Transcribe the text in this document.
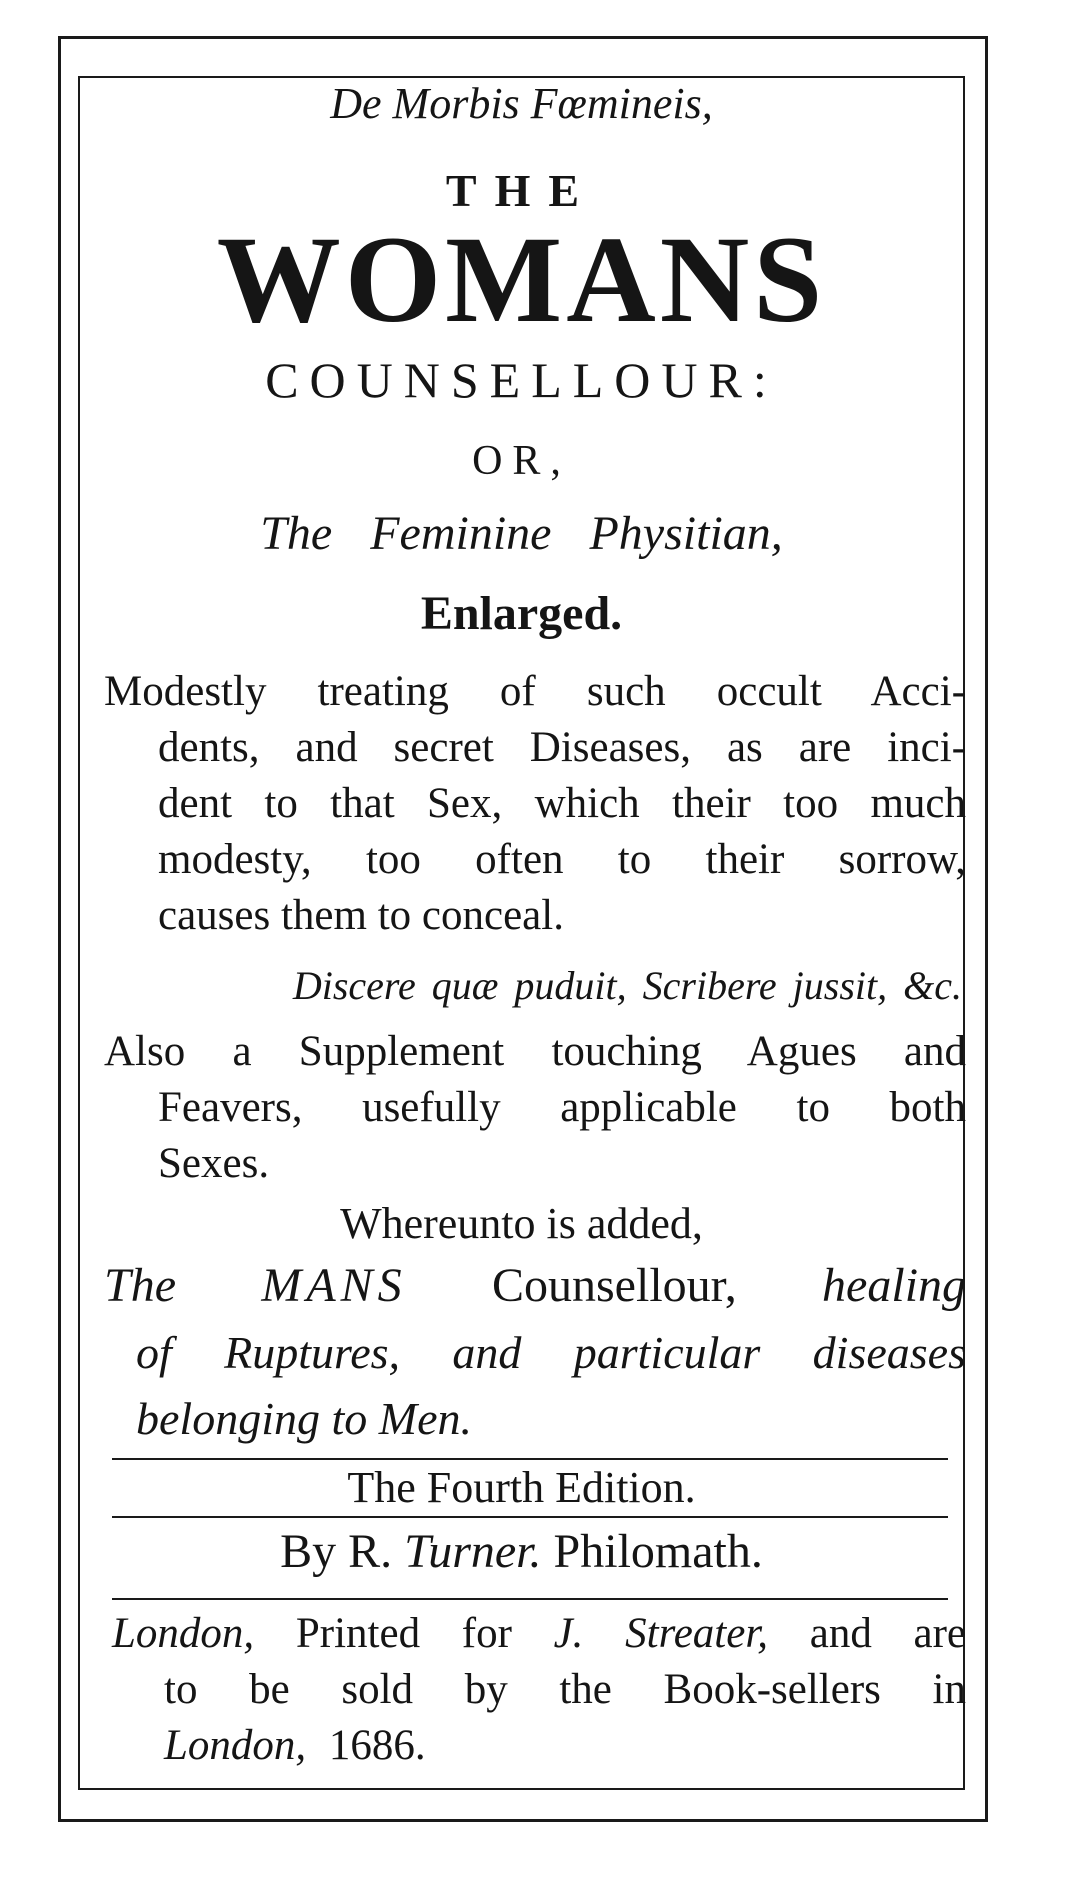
De Morbis Fœmineis,
THE
WOMANS
COUNSELLOUR:
OR,
The Feminine Physitian,
Enlarged.
Modestly treating of such occult Acci-
dents, and secret Diseases, as are inci-
dent to that Sex, which their too much
modesty, too often to their sorrow,
causes them to conceal.
Discere quæ puduit, Scribere jussit, &c.
Also a Supplement touching Agues and
Feavers, usefully applicable to both
Sexes.
Whereunto is added,
The MANS Counsellour, healing
of Ruptures, and particular diseases
belonging to Men.
The Fourth Edition.
By R. Turner. Philomath.
London, Printed for J. Streater, and are
to be sold by the Book-sellers in
London, 1686.
